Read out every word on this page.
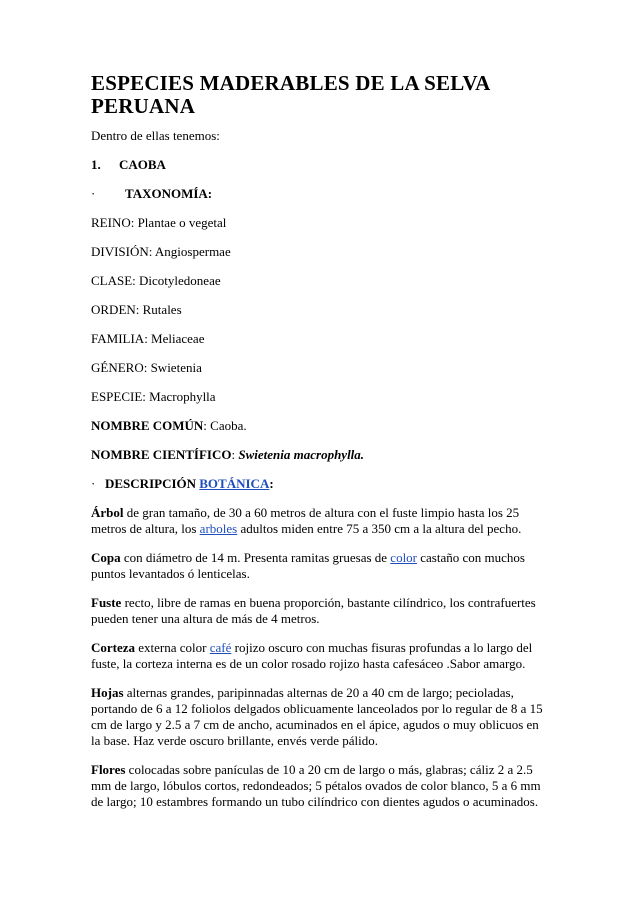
ESPECIES MADERABLES DE LA SELVA PERUANA

Dentro de ellas tenemos:

1. CAOBA

· TAXONOMÍA:

REINO: Plantae o vegetal

DIVISIÓN: Angiospermae

CLASE: Dicotyledoneae

ORDEN: Rutales

FAMILIA: Meliaceae

GÉNERO: Swietenia

ESPECIE: Macrophylla

NOMBRE COMÚN: Caoba.

NOMBRE CIENTÍFICO: Swietenia macrophylla.

· DESCRIPCIÓN BOTÁNICA:

Árbol de gran tamaño, de 30 a 60 metros de altura con el fuste limpio hasta los 25 metros de altura, los arboles adultos miden entre 75 a 350 cm a la altura del pecho.

Copa con diámetro de 14 m. Presenta ramitas gruesas de color castaño con muchos puntos levantados ó lenticelas.

Fuste recto, libre de ramas en buena proporción, bastante cilíndrico, los contrafuertes pueden tener una altura de más de 4 metros.

Corteza externa color café rojizo oscuro con muchas fisuras profundas a lo largo del fuste, la corteza interna es de un color rosado rojizo hasta cafesáceo .Sabor amargo.

Hojas alternas grandes, paripinnadas alternas de 20 a 40 cm de largo; pecioladas, portando de 6 a 12 foliolos delgados oblicuamente lanceolados por lo regular de 8 a 15 cm de largo y 2.5 a 7 cm de ancho, acuminados en el ápice, agudos o muy oblicuos en la base. Haz verde oscuro brillante, envés verde pálido.

Flores colocadas sobre panículas de 10 a 20 cm de largo o más, glabras; cáliz 2 a 2.5 mm de largo, lóbulos cortos, redondeados; 5 pétalos ovados de color blanco, 5 a 6 mm de largo; 10 estambres formando un tubo cilíndrico con dientes agudos o acuminados.
